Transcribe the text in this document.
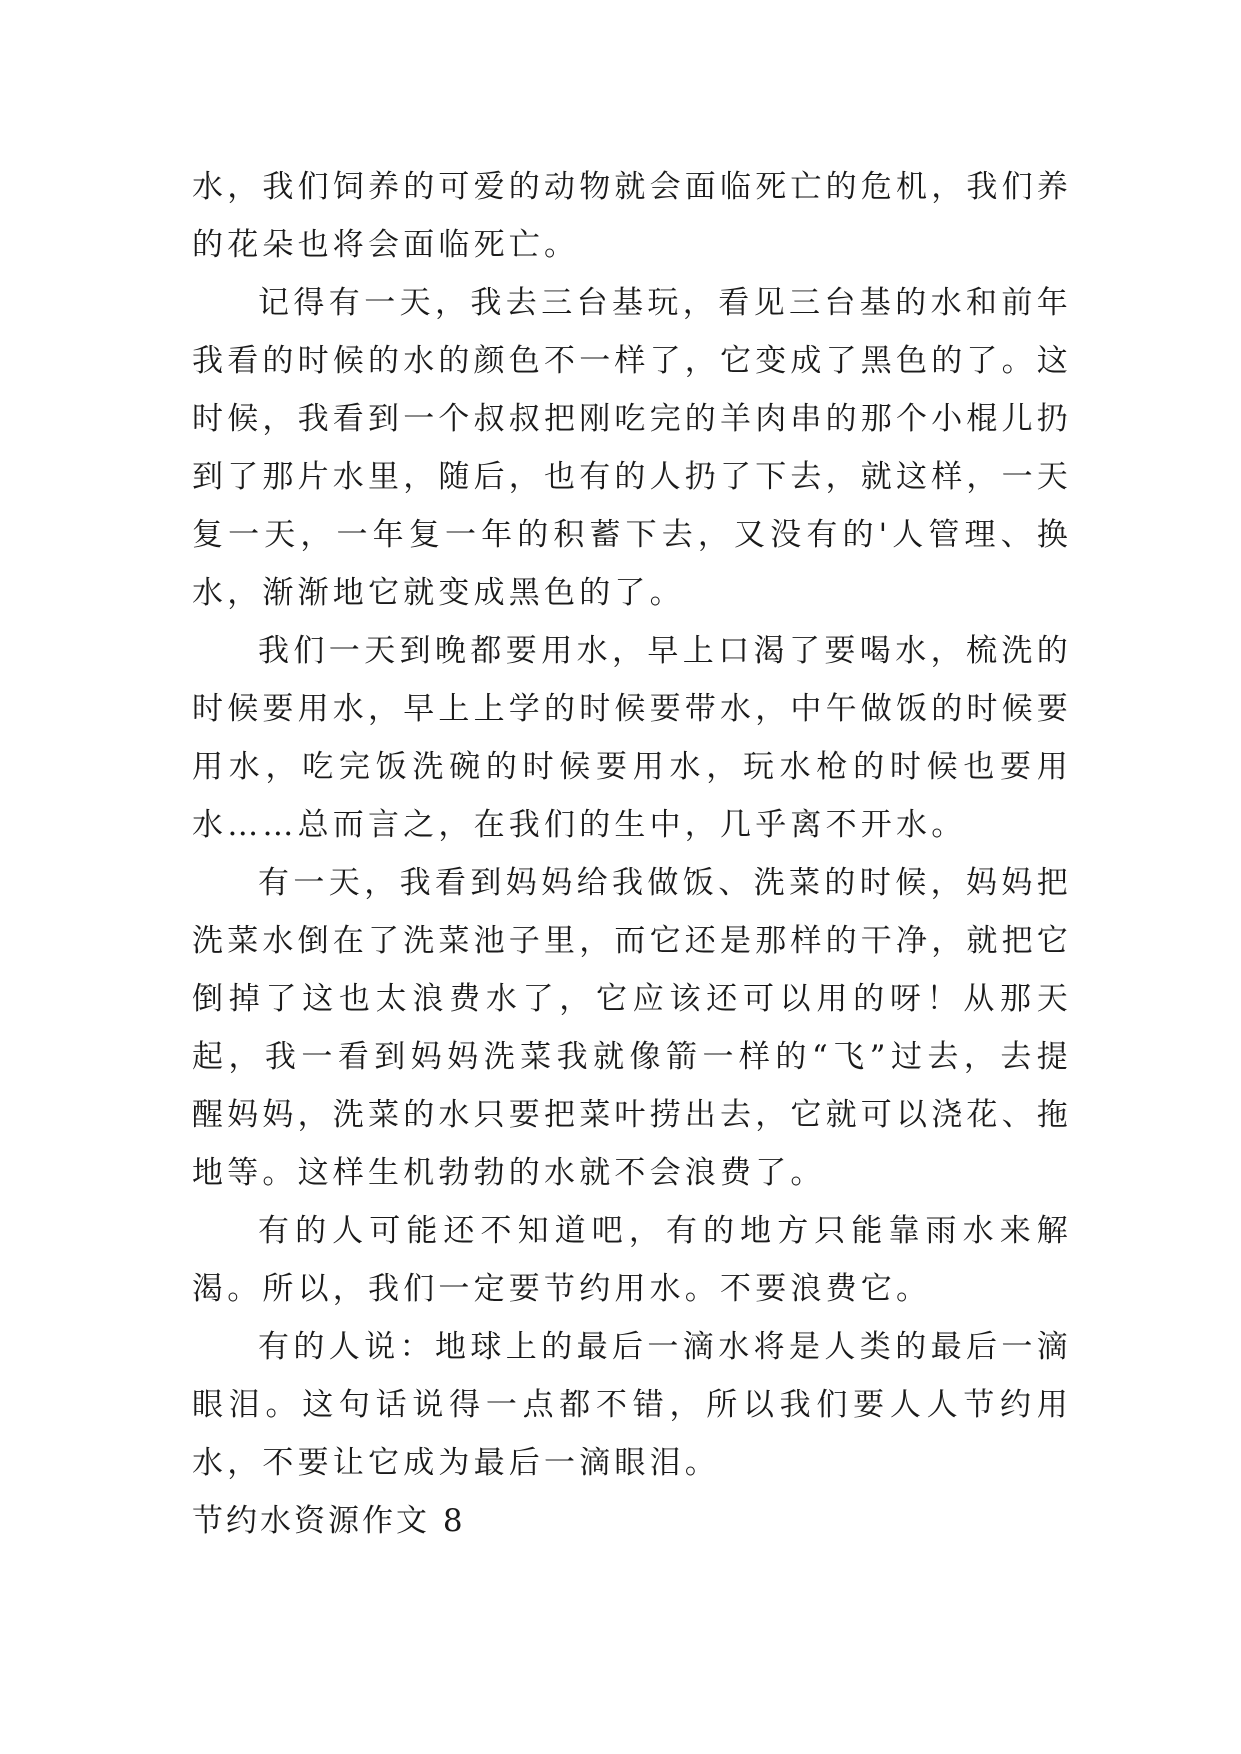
水，我们饲养的可爱的动物就会面临死亡的危机，我们养的花朵也将会面临死亡。

记得有一天，我去三台基玩，看见三台基的水和前年我看的时候的水的颜色不一样了，它变成了黑色的了。这时候，我看到一个叔叔把刚吃完的羊肉串的那个小棍儿扔到了那片水里，随后，也有的人扔了下去，就这样，一天复一天，一年复一年的积蓄下去，又没有的'人管理、换水，渐渐地它就变成黑色的了。

我们一天到晚都要用水，早上口渴了要喝水，梳洗的时候要用水，早上上学的时候要带水，中午做饭的时候要用水，吃完饭洗碗的时候要用水，玩水枪的时候也要用水……总而言之，在我们的生中，几乎离不开水。

有一天，我看到妈妈给我做饭、洗菜的时候，妈妈把洗菜水倒在了洗菜池子里，而它还是那样的干净，就把它倒掉了这也太浪费水了，它应该还可以用的呀！从那天起，我一看到妈妈洗菜我就像箭一样的“飞”过去，去提醒妈妈，洗菜的水只要把菜叶捞出去，它就可以浇花、拖地等。这样生机勃勃的水就不会浪费了。

有的人可能还不知道吧，有的地方只能靠雨水来解渴。所以，我们一定要节约用水。不要浪费它。

有的人说：地球上的最后一滴水将是人类的最后一滴眼泪。这句话说得一点都不错，所以我们要人人节约用水，不要让它成为最后一滴眼泪。

节约水资源作文 8
